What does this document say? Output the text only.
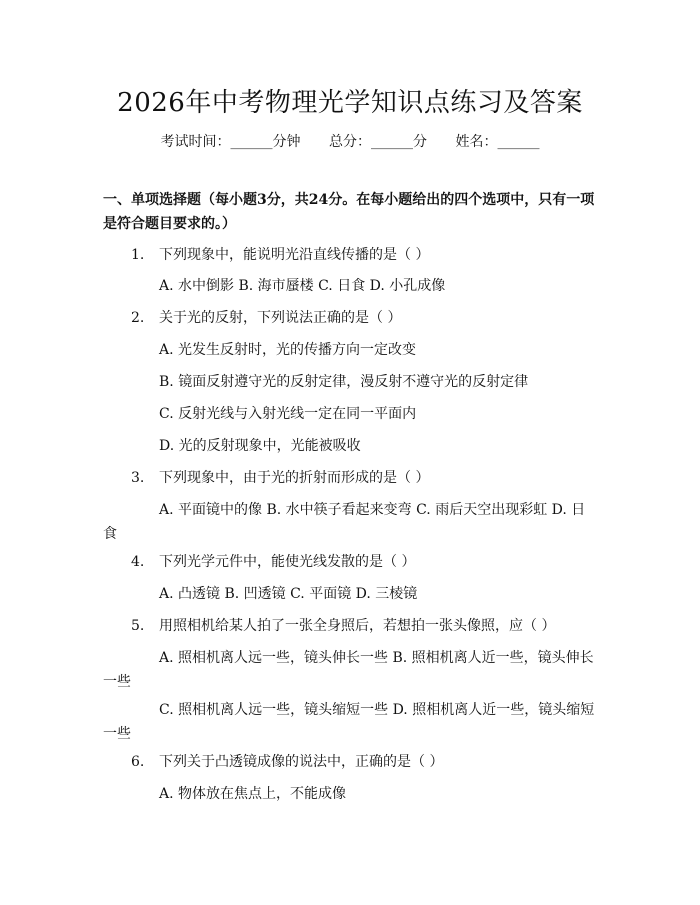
2026年中考物理光学知识点练习及答案
考试时间：______分钟 总分：______分 姓名：______
一、单项选择题（每小题3分，共24分。在每小题给出的四个选项中，只有一项是符合题目要求的。）
1. 下列现象中，能说明光沿直线传播的是（ ）
A. 水中倒影 B. 海市蜃楼 C. 日食 D. 小孔成像
2. 关于光的反射，下列说法正确的是（ ）
A. 光发生反射时，光的传播方向一定改变
B. 镜面反射遵守光的反射定律，漫反射不遵守光的反射定律
C. 反射光线与入射光线一定在同一平面内
D. 光的反射现象中，光能被吸收
3. 下列现象中，由于光的折射而形成的是（ ）
A. 平面镜中的像 B. 水中筷子看起来变弯 C. 雨后天空出现彩虹 D. 日
食
4. 下列光学元件中，能使光线发散的是（ ）
A. 凸透镜 B. 凹透镜 C. 平面镜 D. 三棱镜
5. 用照相机给某人拍了一张全身照后，若想拍一张头像照，应（ ）
A. 照相机离人远一些，镜头伸长一些 B. 照相机离人近一些，镜头伸长
一些
C. 照相机离人远一些，镜头缩短一些 D. 照相机离人近一些，镜头缩短
一些
6. 下列关于凸透镜成像的说法中，正确的是（ ）
A. 物体放在焦点上，不能成像
